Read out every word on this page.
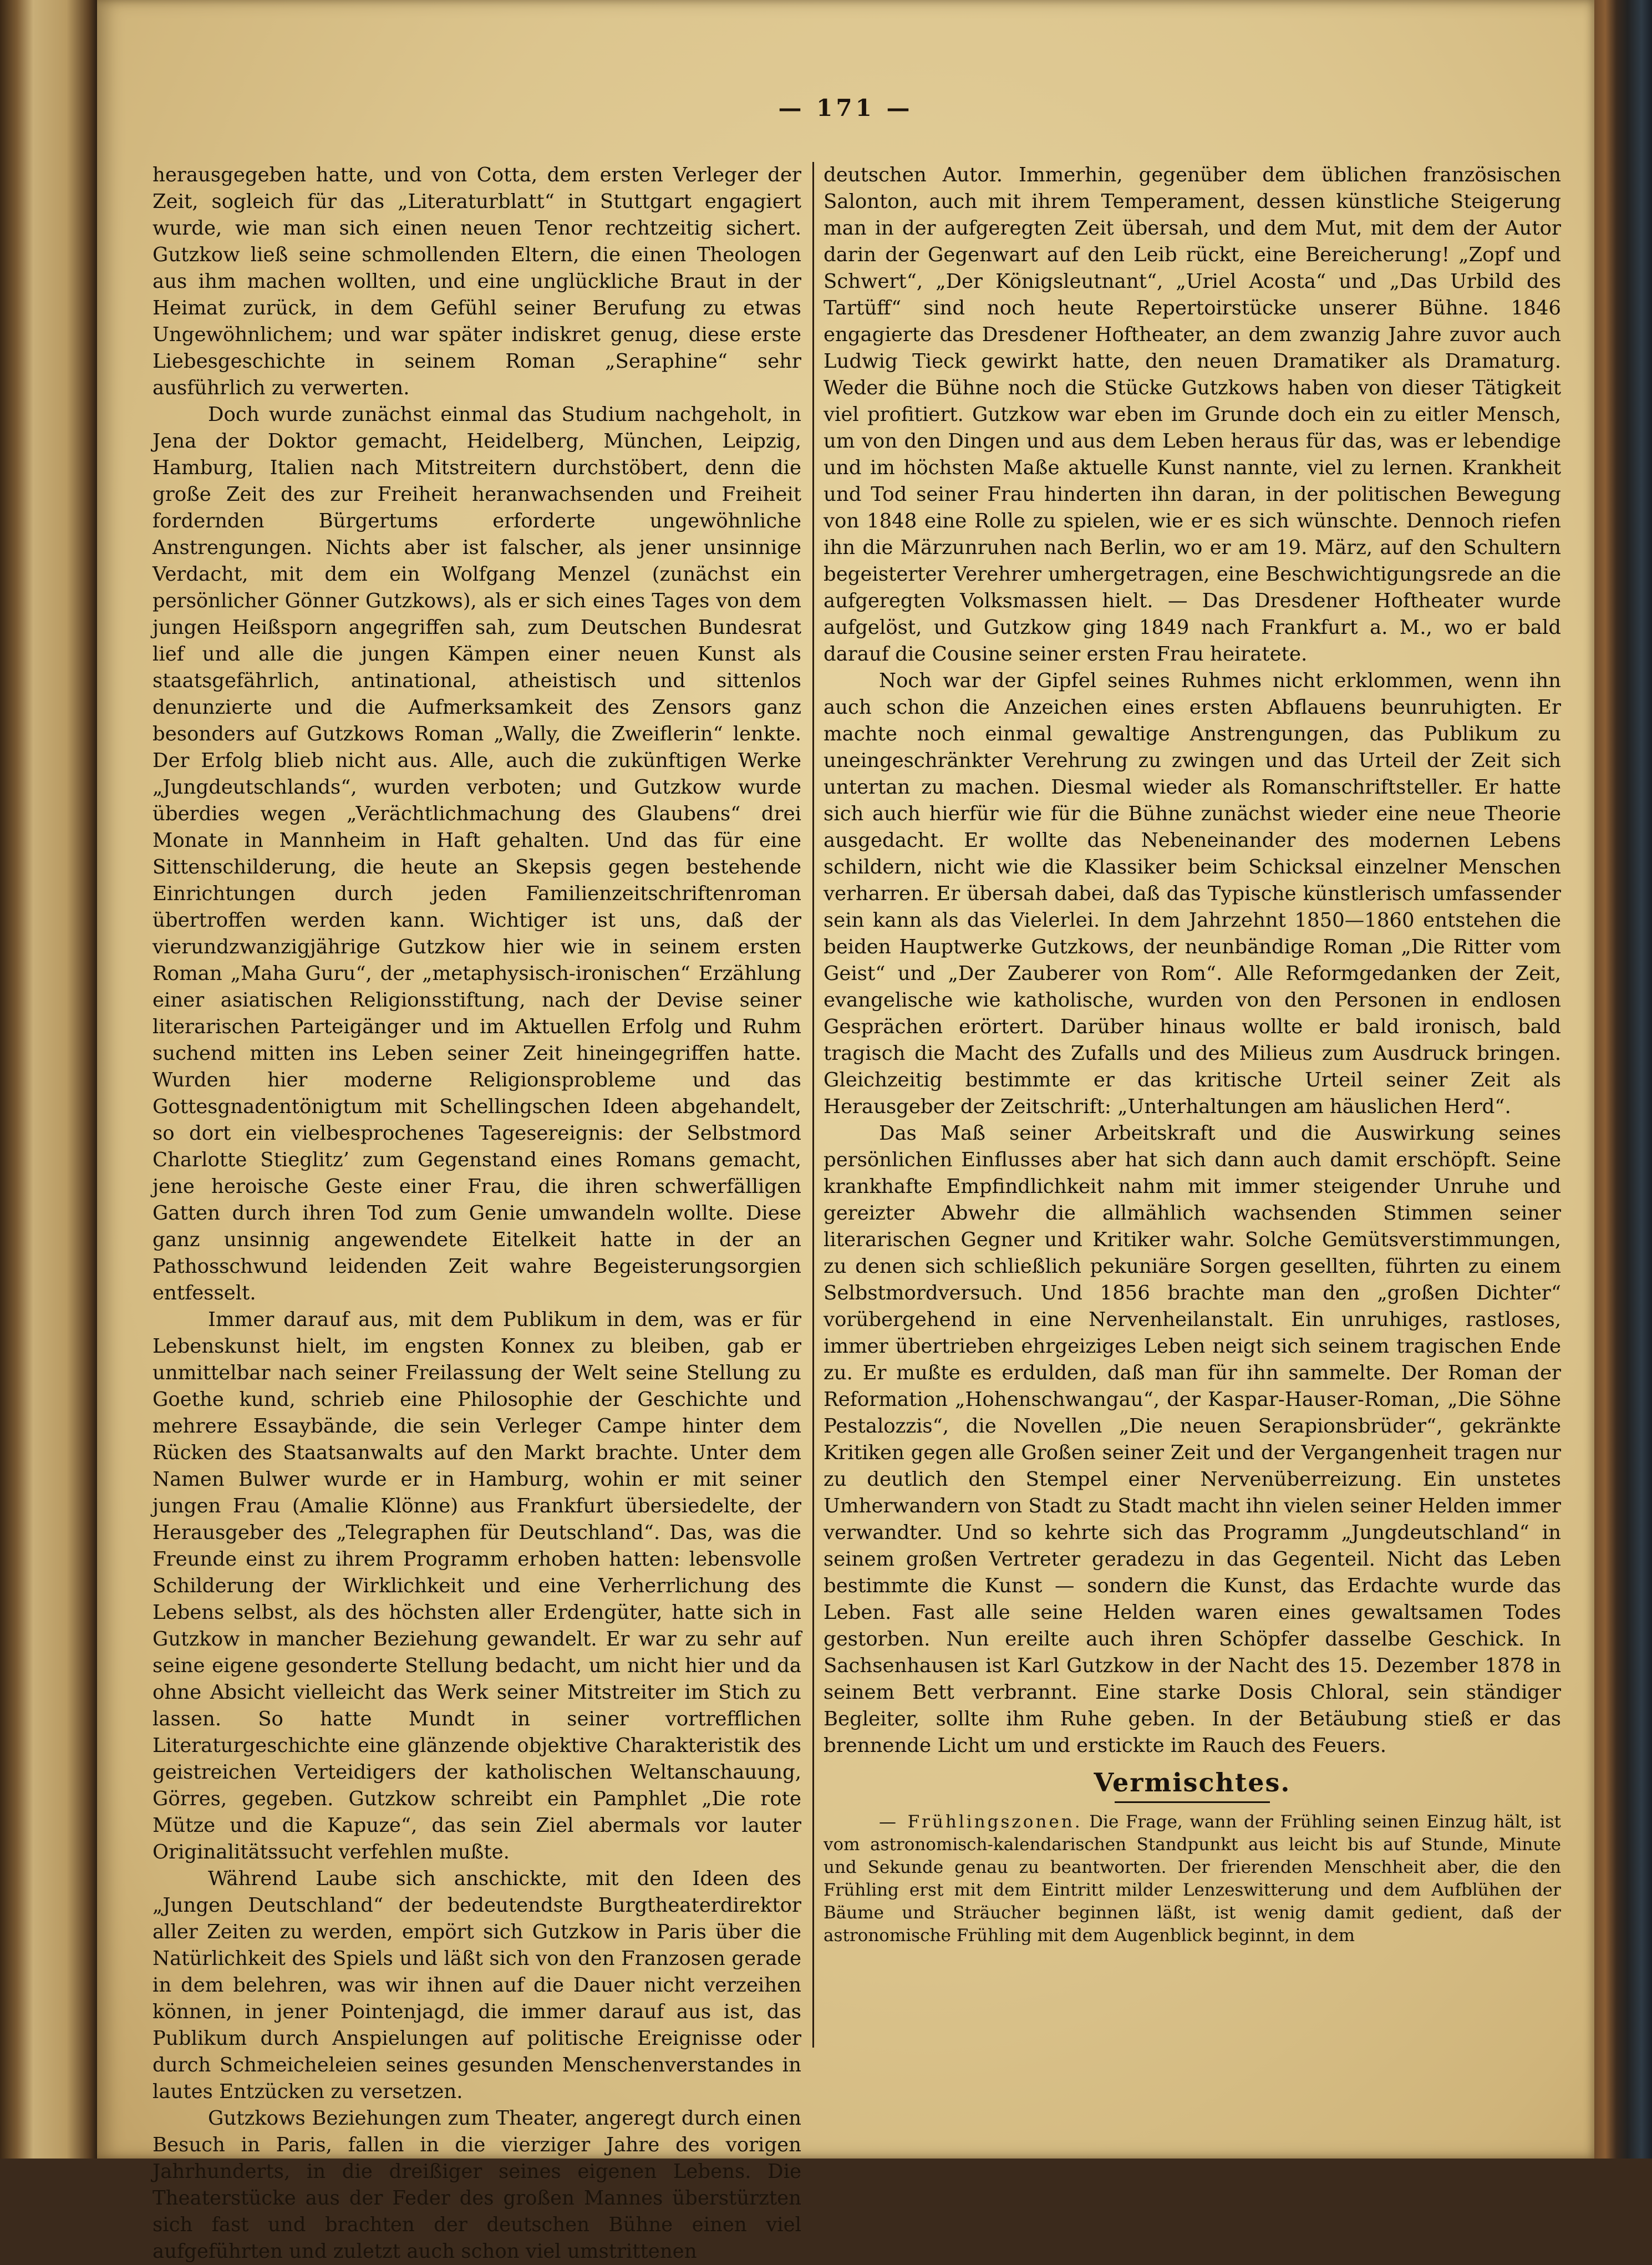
— 171 —

herausgegeben hatte, und von Cotta, dem ersten Verleger der Zeit, sogleich für das „Literaturblatt“ in Stuttgart engagiert wurde, wie man sich einen neuen Tenor rechtzeitig sichert. Gutzkow ließ seine schmollenden Eltern, die einen Theologen aus ihm machen wollten, und eine unglückliche Braut in der Heimat zurück, in dem Gefühl seiner Berufung zu etwas Ungewöhnlichem; und war später indiskret genug, diese erste Liebesgeschichte in seinem Roman „Seraphine“ sehr ausführlich zu verwerten.

Doch wurde zunächst einmal das Studium nachgeholt, in Jena der Doktor gemacht, Heidelberg, München, Leipzig, Hamburg, Italien nach Mitstreitern durchstöbert, denn die große Zeit des zur Freiheit heranwachsenden und Freiheit fordernden Bürgertums erforderte ungewöhnliche Anstrengungen. Nichts aber ist falscher, als jener unsinnige Verdacht, mit dem ein Wolfgang Menzel (zunächst ein persönlicher Gönner Gutzkows), als er sich eines Tages von dem jungen Heißsporn angegriffen sah, zum Deutschen Bundesrat lief und alle die jungen Kämpen einer neuen Kunst als staatsgefährlich, antinational, atheistisch und sittenlos denunzierte und die Aufmerksamkeit des Zensors ganz besonders auf Gutzkows Roman „Wally, die Zweiflerin“ lenkte. Der Erfolg blieb nicht aus. Alle, auch die zukünftigen Werke „Jungdeutschlands“, wurden verboten; und Gutzkow wurde überdies wegen „Verächtlichmachung des Glaubens“ drei Monate in Mannheim in Haft gehalten. Und das für eine Sittenschilderung, die heute an Skepsis gegen bestehende Einrichtungen durch jeden Familienzeitschriftenroman übertroffen werden kann. Wichtiger ist uns, daß der vierundzwanzigjährige Gutzkow hier wie in seinem ersten Roman „Maha Guru“, der „metaphysisch-ironischen“ Erzählung einer asiatischen Religionsstiftung, nach der Devise seiner literarischen Parteigänger und im Aktuellen Erfolg und Ruhm suchend mitten ins Leben seiner Zeit hineingegriffen hatte. Wurden hier moderne Religionsprobleme und das Gottesgnadentönigtum mit Schellingschen Ideen abgehandelt, so dort ein vielbesprochenes Tagesereignis: der Selbstmord Charlotte Stieglitz’ zum Gegenstand eines Romans gemacht, jene heroische Geste einer Frau, die ihren schwerfälligen Gatten durch ihren Tod zum Genie umwandeln wollte. Diese ganz unsinnig angewendete Eitelkeit hatte in der an Pathosschwund leidenden Zeit wahre Begeisterungsorgien entfesselt.

Immer darauf aus, mit dem Publikum in dem, was er für Lebenskunst hielt, im engsten Konnex zu bleiben, gab er unmittelbar nach seiner Freilassung der Welt seine Stellung zu Goethe kund, schrieb eine Philosophie der Geschichte und mehrere Essaybände, die sein Verleger Campe hinter dem Rücken des Staatsanwalts auf den Markt brachte. Unter dem Namen Bulwer wurde er in Hamburg, wohin er mit seiner jungen Frau (Amalie Klönne) aus Frankfurt übersiedelte, der Herausgeber des „Telegraphen für Deutschland“. Das, was die Freunde einst zu ihrem Programm erhoben hatten: lebensvolle Schilderung der Wirklichkeit und eine Verherrlichung des Lebens selbst, als des höchsten aller Erdengüter, hatte sich in Gutzkow in mancher Beziehung gewandelt. Er war zu sehr auf seine eigene gesonderte Stellung bedacht, um nicht hier und da ohne Absicht vielleicht das Werk seiner Mitstreiter im Stich zu lassen. So hatte Mundt in seiner vortrefflichen Literaturgeschichte eine glänzende objektive Charakteristik des geistreichen Verteidigers der katholischen Weltanschauung, Görres, gegeben. Gutzkow schreibt ein Pamphlet „Die rote Mütze und die Kapuze“, das sein Ziel abermals vor lauter Originalitätssucht verfehlen mußte.

Während Laube sich anschickte, mit den Ideen des „Jungen Deutschland“ der bedeutendste Burgtheaterdirektor aller Zeiten zu werden, empört sich Gutzkow in Paris über die Natürlichkeit des Spiels und läßt sich von den Franzosen gerade in dem belehren, was wir ihnen auf die Dauer nicht verzeihen können, in jener Pointenjagd, die immer darauf aus ist, das Publikum durch Anspielungen auf politische Ereignisse oder durch Schmeicheleien seines gesunden Menschenverstandes in lautes Entzücken zu versetzen.

Gutzkows Beziehungen zum Theater, angeregt durch einen Besuch in Paris, fallen in die vierziger Jahre des vorigen Jahrhunderts, in die dreißiger seines eigenen Lebens. Die Theaterstücke aus der Feder des großen Mannes überstürzten sich fast und brachten der deutschen Bühne einen viel aufgeführten und zuletzt auch schon viel umstrittenen

deutschen Autor. Immerhin, gegenüber dem üblichen französischen Salonton, auch mit ihrem Temperament, dessen künstliche Steigerung man in der aufgeregten Zeit übersah, und dem Mut, mit dem der Autor darin der Gegenwart auf den Leib rückt, eine Bereicherung! „Zopf und Schwert“, „Der Königsleutnant“, „Uriel Acosta“ und „Das Urbild des Tartüff“ sind noch heute Repertoirstücke unserer Bühne. 1846 engagierte das Dresdener Hoftheater, an dem zwanzig Jahre zuvor auch Ludwig Tieck gewirkt hatte, den neuen Dramatiker als Dramaturg. Weder die Bühne noch die Stücke Gutzkows haben von dieser Tätigkeit viel profitiert. Gutzkow war eben im Grunde doch ein zu eitler Mensch, um von den Dingen und aus dem Leben heraus für das, was er lebendige und im höchsten Maße aktuelle Kunst nannte, viel zu lernen. Krankheit und Tod seiner Frau hinderten ihn daran, in der politischen Bewegung von 1848 eine Rolle zu spielen, wie er es sich wünschte. Dennoch riefen ihn die Märzunruhen nach Berlin, wo er am 19. März, auf den Schultern begeisterter Verehrer umhergetragen, eine Beschwichtigungsrede an die aufgeregten Volksmassen hielt. — Das Dresdener Hoftheater wurde aufgelöst, und Gutzkow ging 1849 nach Frankfurt a. M., wo er bald darauf die Cousine seiner ersten Frau heiratete.

Noch war der Gipfel seines Ruhmes nicht erklommen, wenn ihn auch schon die Anzeichen eines ersten Abflauens beunruhigten. Er machte noch einmal gewaltige Anstrengungen, das Publikum zu uneingeschränkter Verehrung zu zwingen und das Urteil der Zeit sich untertan zu machen. Diesmal wieder als Romanschriftsteller. Er hatte sich auch hierfür wie für die Bühne zunächst wieder eine neue Theorie ausgedacht. Er wollte das Nebeneinander des modernen Lebens schildern, nicht wie die Klassiker beim Schicksal einzelner Menschen verharren. Er übersah dabei, daß das Typische künstlerisch umfassender sein kann als das Vielerlei. In dem Jahrzehnt 1850—1860 entstehen die beiden Hauptwerke Gutzkows, der neunbändige Roman „Die Ritter vom Geist“ und „Der Zauberer von Rom“. Alle Reformgedanken der Zeit, evangelische wie katholische, wurden von den Personen in endlosen Gesprächen erörtert. Darüber hinaus wollte er bald ironisch, bald tragisch die Macht des Zufalls und des Milieus zum Ausdruck bringen. Gleichzeitig bestimmte er das kritische Urteil seiner Zeit als Herausgeber der Zeitschrift: „Unterhaltungen am häuslichen Herd“.

Das Maß seiner Arbeitskraft und die Auswirkung seines persönlichen Einflusses aber hat sich dann auch damit erschöpft. Seine krankhafte Empfindlichkeit nahm mit immer steigender Unruhe und gereizter Abwehr die allmählich wachsenden Stimmen seiner literarischen Gegner und Kritiker wahr. Solche Gemütsverstimmungen, zu denen sich schließlich pekuniäre Sorgen gesellten, führten zu einem Selbstmordversuch. Und 1856 brachte man den „großen Dichter“ vorübergehend in eine Nervenheilanstalt. Ein unruhiges, rastloses, immer übertrieben ehrgeiziges Leben neigt sich seinem tragischen Ende zu. Er mußte es erdulden, daß man für ihn sammelte. Der Roman der Reformation „Hohenschwangau“, der Kaspar-Hauser-Roman, „Die Söhne Pestalozzis“, die Novellen „Die neuen Serapionsbrüder“, gekränkte Kritiken gegen alle Großen seiner Zeit und der Vergangenheit tragen nur zu deutlich den Stempel einer Nervenüberreizung. Ein unstetes Umherwandern von Stadt zu Stadt macht ihn vielen seiner Helden immer verwandter. Und so kehrte sich das Programm „Jungdeutschland“ in seinem großen Vertreter geradezu in das Gegenteil. Nicht das Leben bestimmte die Kunst — sondern die Kunst, das Erdachte wurde das Leben. Fast alle seine Helden waren eines gewaltsamen Todes gestorben. Nun ereilte auch ihren Schöpfer dasselbe Geschick. In Sachsenhausen ist Karl Gutzkow in der Nacht des 15. Dezember 1878 in seinem Bett verbrannt. Eine starke Dosis Chloral, sein ständiger Begleiter, sollte ihm Ruhe geben. In der Betäubung stieß er das brennende Licht um und erstickte im Rauch des Feuers.

Vermischtes.

— Frühlingszonen. Die Frage, wann der Frühling seinen Einzug hält, ist vom astronomisch-kalendarischen Standpunkt aus leicht bis auf Stunde, Minute und Sekunde genau zu beantworten. Der frierenden Menschheit aber, die den Frühling erst mit dem Eintritt milder Lenzeswitterung und dem Aufblühen der Bäume und Sträucher beginnen läßt, ist wenig damit gedient, daß der astronomische Frühling mit dem Augenblick beginnt, in dem
